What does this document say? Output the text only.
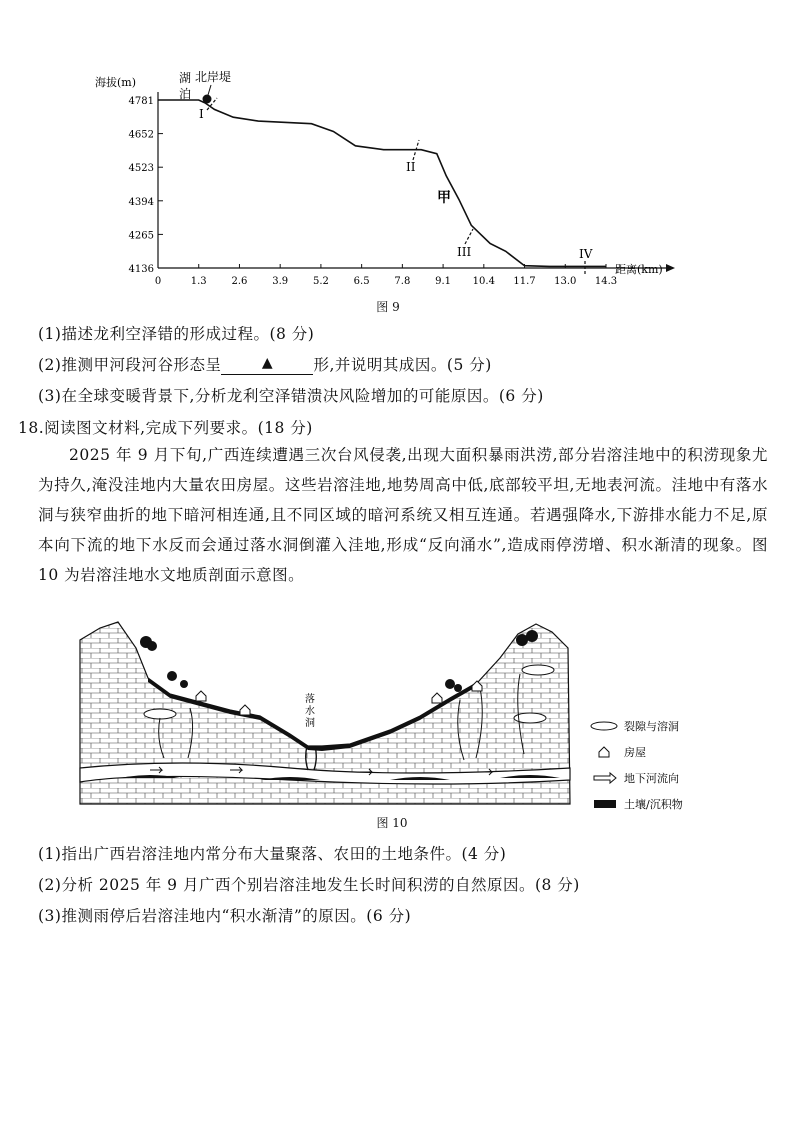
海拔(m)
距离(km)
4781
4652
4523
4394
4265
4136
0	1.3 2.6 3.9 5.2 6.5 7.8 9.1 10.4 11.7 13.0 14.3
湖
泊
北岸堤
I
II
甲
III	IV
图 9
(1)描述龙利空泽错的形成过程。(8 分)
(2)推测甲河段河谷形态呈	▲	形,并说明其成因。(5 分)
(3)在全球变暖背景下,分析龙利空泽错溃决风险增加的可能原因。(6 分)
18.阅读图文材料,完成下列要求。(18 分)

2025 年 9 月下旬,广西连续遭遇三次台风侵袭,出现大面积暴雨洪涝,部分岩溶洼地中的积涝现象尤为持久,淹没洼地内大量农田房屋。这些岩溶洼地,地势周高中低,底部较平坦,无地表河流。洼地中有落水洞与狭窄曲折的地下暗河相连通,且不同区域的暗河系统又相互连通。若遇强降水,下游排水能力不足,原本向下流的地下水反而会通过落水洞倒灌入洼地,形成“反向涌水”,造成雨停涝增、积水渐清的现象。图 10 为岩溶洼地水文地质剖面示意图。

落
水
洞	裂隙与溶洞
房屋
地下河流向
土壤/沉积物
图 10
(1)指出广西岩溶洼地内常分布大量聚落、农田的土地条件。(4 分)
(2)分析 2025 年 9 月广西个别岩溶洼地发生长时间积涝的自然原因。(8 分)
(3)推测雨停后岩溶洼地内“积水渐清”的原因。(6 分)
